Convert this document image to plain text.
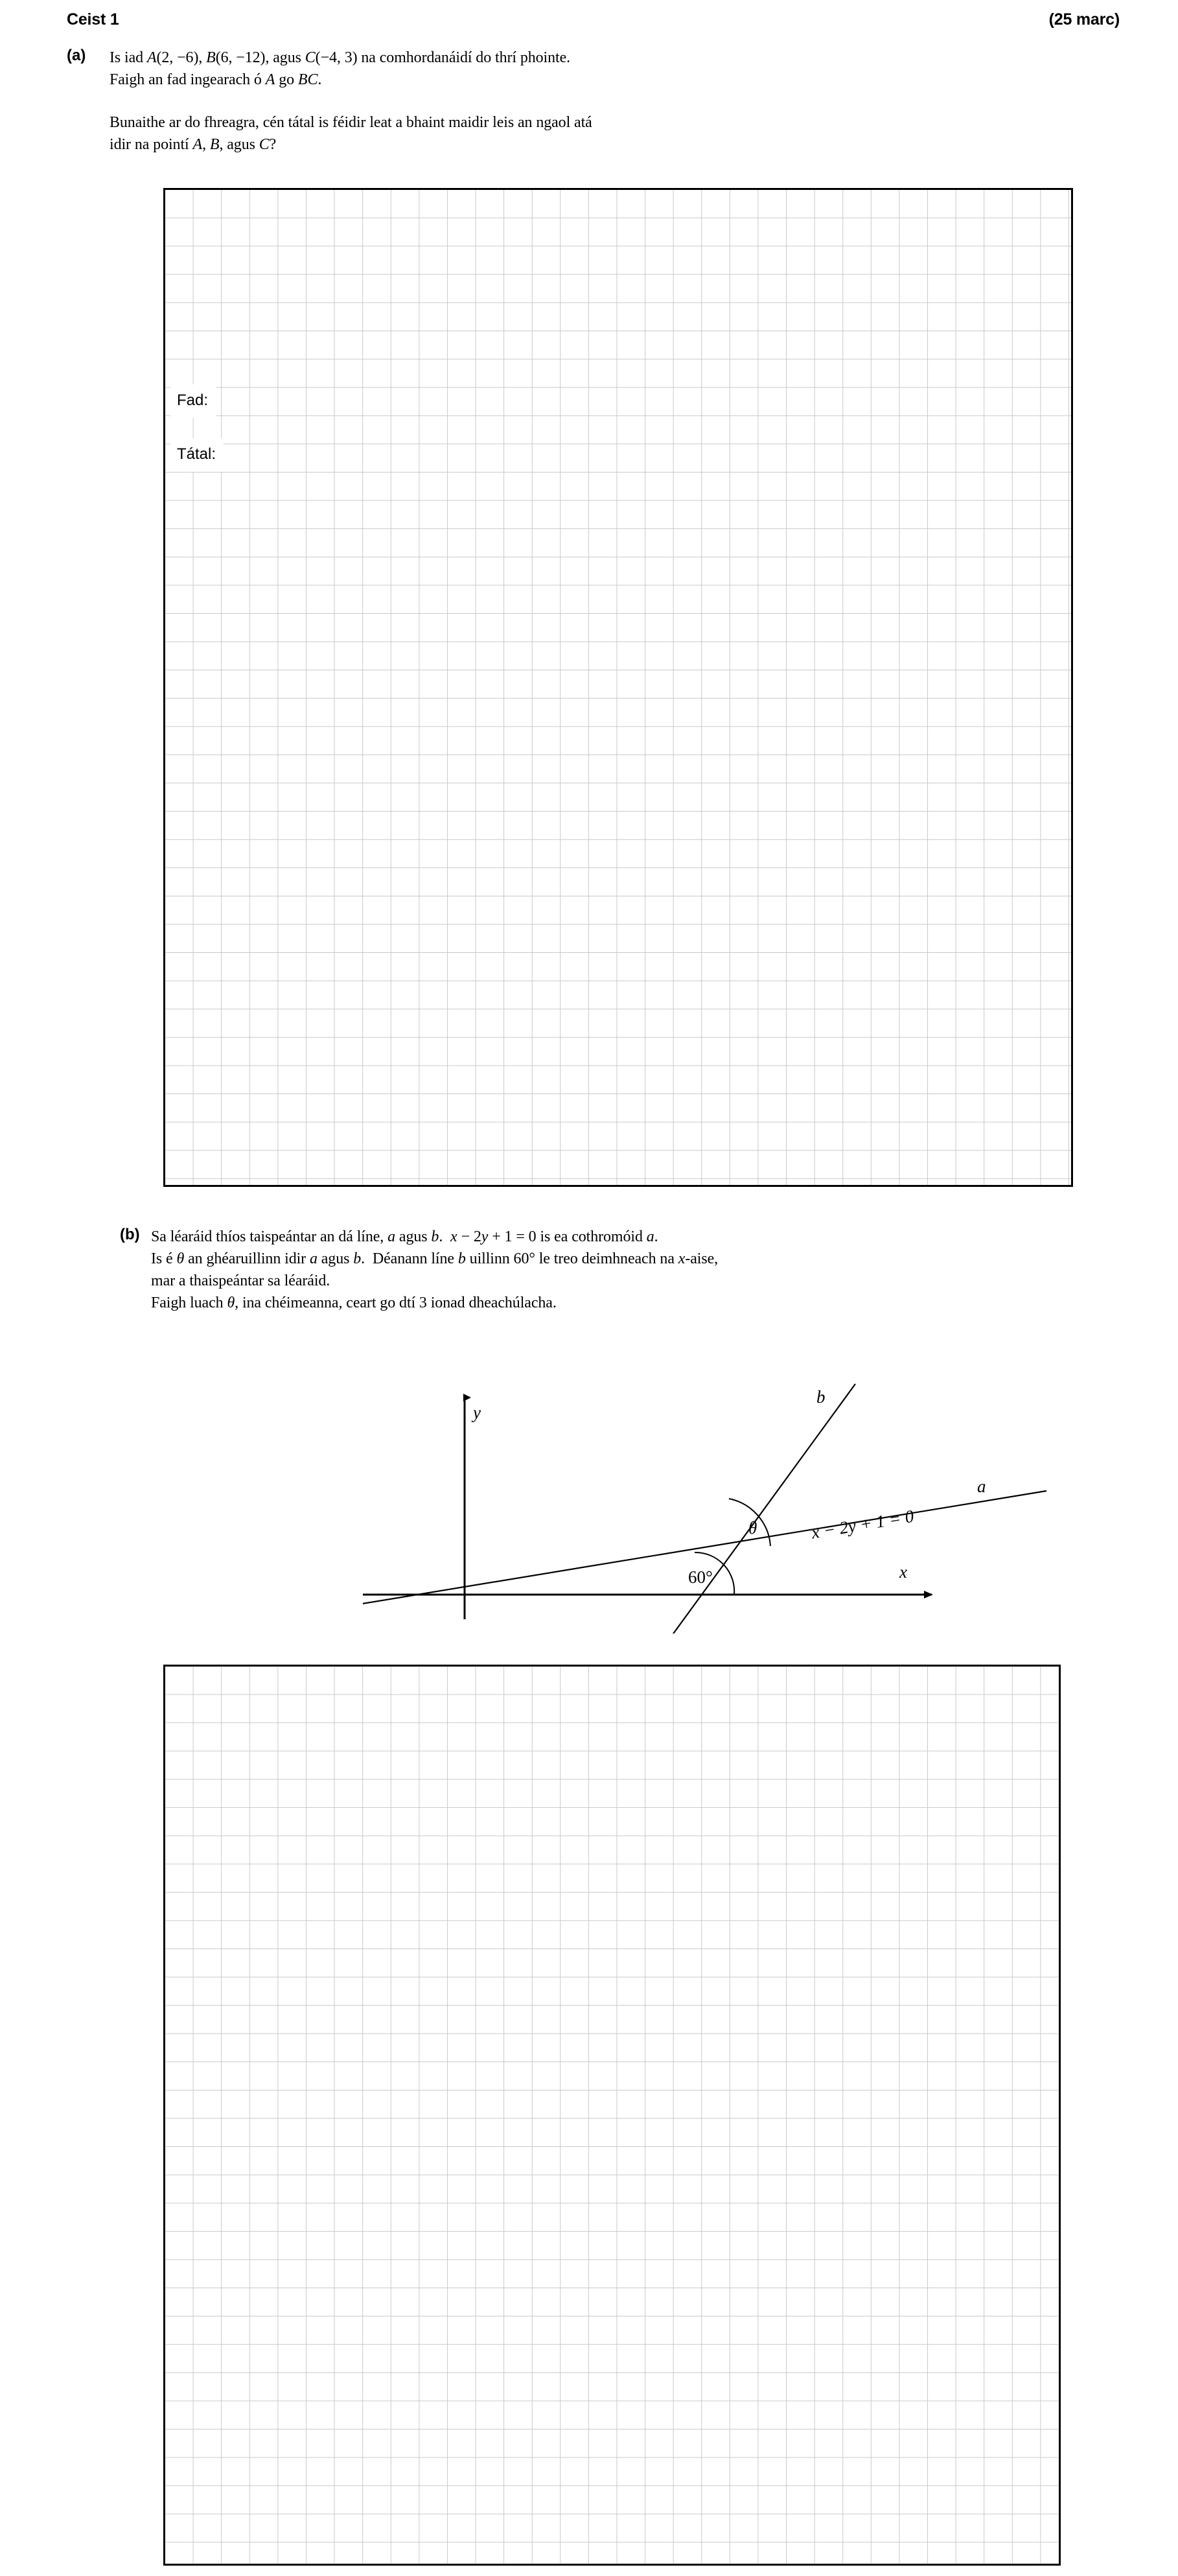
Ceist 1	(25 marc)
(a) Is iad A(2, −6), B(6, −12), agus C(−4, 3) na comhordanáidí do thrí phointe.
Faigh an fad ingearach ó A go BC.
Bunaithe ar do fhreagra, cén tátal is féidir leat a bhaint maidir leis an ngaol atá
idir na pointí A, B, agus C?
Fad:
Tátal:
(b) Sa léaráid thíos taispeántar an dá líne, a agus b.  x − 2y + 1 = 0 is ea cothromóid a.
Is é θ an ghéaruillinn idir a agus b.  Déanann líne b uillinn 60° le treo deimhneach na x-aise,
mar a thaispeántar sa léaráid.
Faigh luach θ, ina chéimeanna, ceart go dtí 3 ionad dheachúlacha.
y
x
a
b
θ
60°
x − 2y + 1 = 0
